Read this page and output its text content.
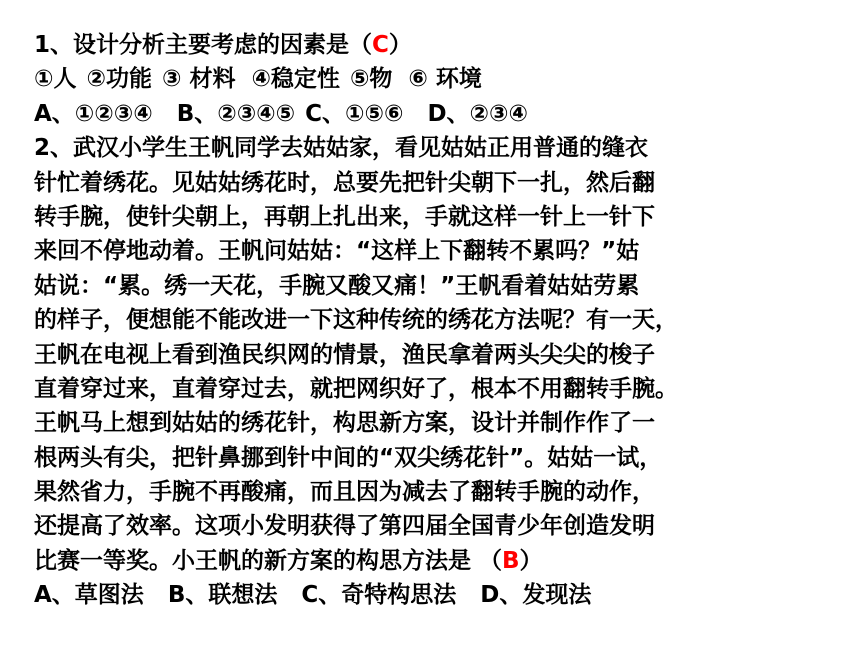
1、设计分析主要考虑的因素是（C）
①人 ②功能 ③ 材料 ④稳定性 ⑤物 ⑥ 环境
A、①②③④ B、②③④⑤ C、①⑤⑥ D、②③④
2、武汉小学生王帆同学去姑姑家，看见姑姑正用普通的缝衣
针忙着绣花。见姑姑绣花时，总要先把针尖朝下一扎，然后翻
转手腕，使针尖朝上，再朝上扎出来，手就这样一针上一针下
来回不停地动着。王帆问姑姑：“这样上下翻转不累吗？”姑
姑说：“累。绣一天花，手腕又酸又痛！”王帆看着姑姑劳累
的样子，便想能不能改进一下这种传统的绣花方法呢？有一天，
王帆在电视上看到渔民织网的情景，渔民拿着两头尖尖的梭子
直着穿过来，直着穿过去，就把网织好了，根本不用翻转手腕。
王帆马上想到姑姑的绣花针，构思新方案，设计并制作作了一
根两头有尖，把针鼻挪到针中间的“双尖绣花针”。姑姑一试，
果然省力，手腕不再酸痛，而且因为减去了翻转手腕的动作，
还提高了效率。这项小发明获得了第四届全国青少年创造发明
比赛一等奖。小王帆的新方案的构思方法是 （B）
A、草图法 B、联想法 C、奇特构思法 D、发现法
